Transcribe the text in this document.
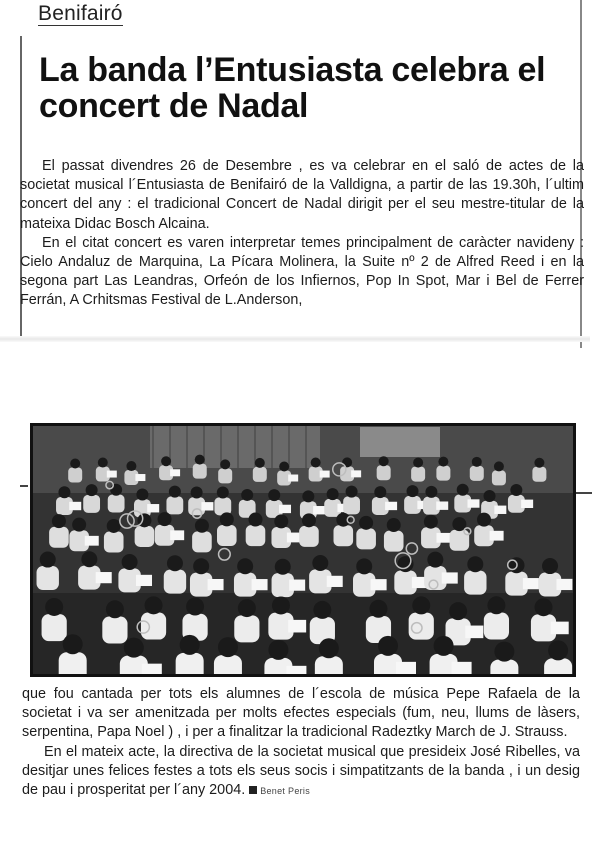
Benifairó
La banda l’Entusiasta celebra el concert de Nadal

El passat divendres 26 de Desembre , es va celebrar en el saló de actes de la societat musical l´Entusiasta de Benifairó de la Valldigna, a partir de las 19.30h, l´ultim concert del any : el tradicional Concert de Nadal dirigit per el seu mestre-titular de la mateixa Didac Bosch Alcaina.

En el citat concert es varen interpretar temes principalment de caràcter navideny : Cielo Andaluz de Marquina, La Pícara Molinera, la Suite nº 2 de Alfred Reed i en la segona part Las Leandras, Orfeón de los Infiernos, Pop In Spot, Mar i Bel de Ferrer Ferrán, A Crhitsmas Festival de L.Anderson,

que fou cantada per tots els alumnes de l´escola de música Pepe Rafaela de la societat i va ser amenitzada per molts efectes especials (fum, neu, llums de làsers, serpentina, Papa Noel ) , i per a finalitzar la tradicional Radeztky March de J. Strauss.

En el mateix acte, la directiva de la societat musical que presideix José Ribelles, va desitjar unes felices festes a tots els seus socis i simpatitzants de la banda , i un desig de pau i prosperitat per l´any 2004. Benet Peris
